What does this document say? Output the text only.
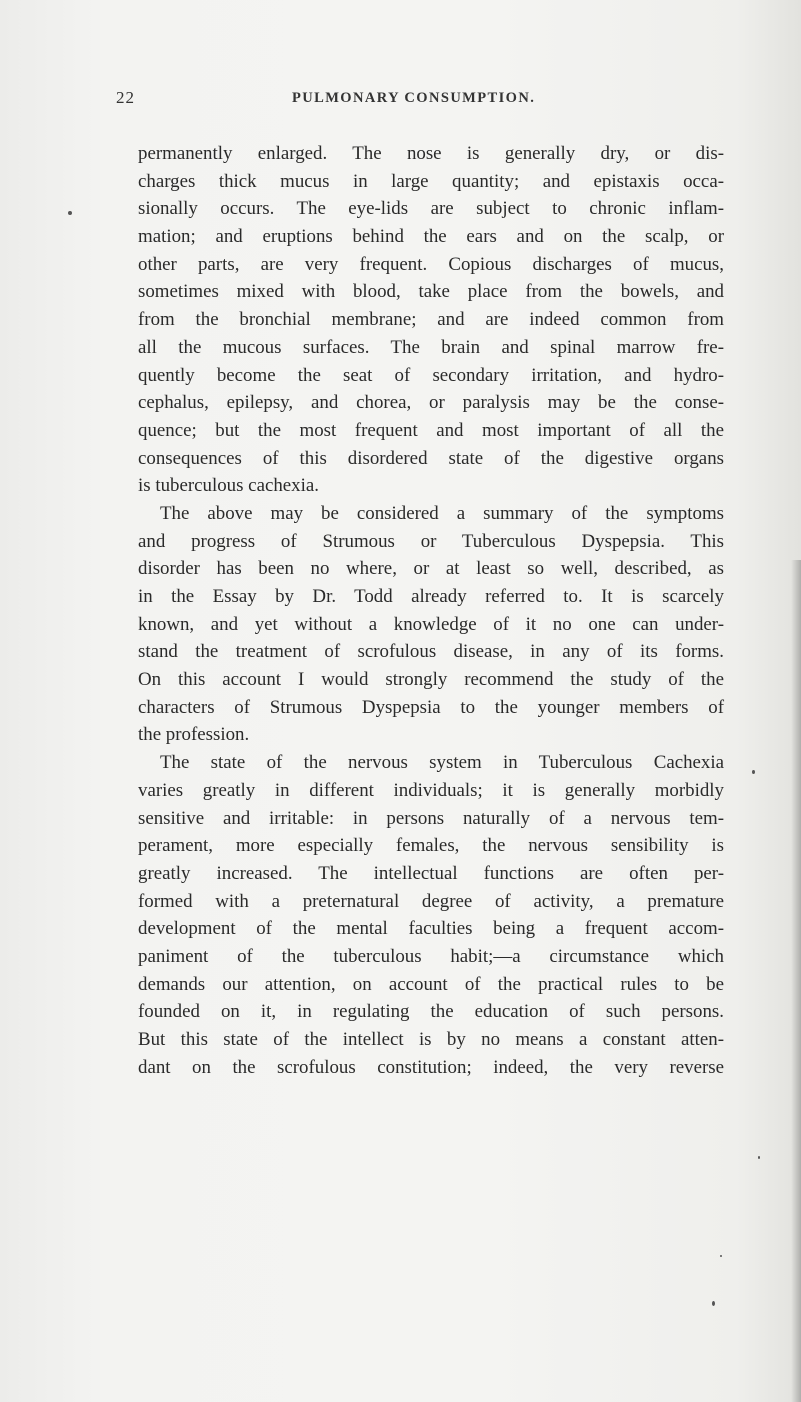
22	PULMONARY CONSUMPTION.
permanently enlarged. The nose is generally dry, or dis-
charges thick mucus in large quantity; and epistaxis occa-
sionally occurs. The eye-lids are subject to chronic inflam-
mation; and eruptions behind the ears and on the scalp, or
other parts, are very frequent. Copious discharges of mucus,
sometimes mixed with blood, take place from the bowels, and
from the bronchial membrane; and are indeed common from
all the mucous surfaces. The brain and spinal marrow fre-
quently become the seat of secondary irritation, and hydro-
cephalus, epilepsy, and chorea, or paralysis may be the conse-
quence; but the most frequent and most important of all the
consequences of this disordered state of the digestive organs
is tuberculous cachexia.
The above may be considered a summary of the symptoms
and progress of Strumous or Tuberculous Dyspepsia. This
disorder has been no where, or at least so well, described, as
in the Essay by Dr. Todd already referred to. It is scarcely
known, and yet without a knowledge of it no one can under-
stand the treatment of scrofulous disease, in any of its forms.
On this account I would strongly recommend the study of the
characters of Strumous Dyspepsia to the younger members of
the profession.
The state of the nervous system in Tuberculous Cachexia
varies greatly in different individuals; it is generally morbidly
sensitive and irritable: in persons naturally of a nervous tem-
perament, more especially females, the nervous sensibility is
greatly increased. The intellectual functions are often per-
formed with a preternatural degree of activity, a premature
development of the mental faculties being a frequent accom-
paniment of the tuberculous habit;—a circumstance which
demands our attention, on account of the practical rules to be
founded on it, in regulating the education of such persons.
But this state of the intellect is by no means a constant atten-
dant on the scrofulous constitution; indeed, the very reverse
